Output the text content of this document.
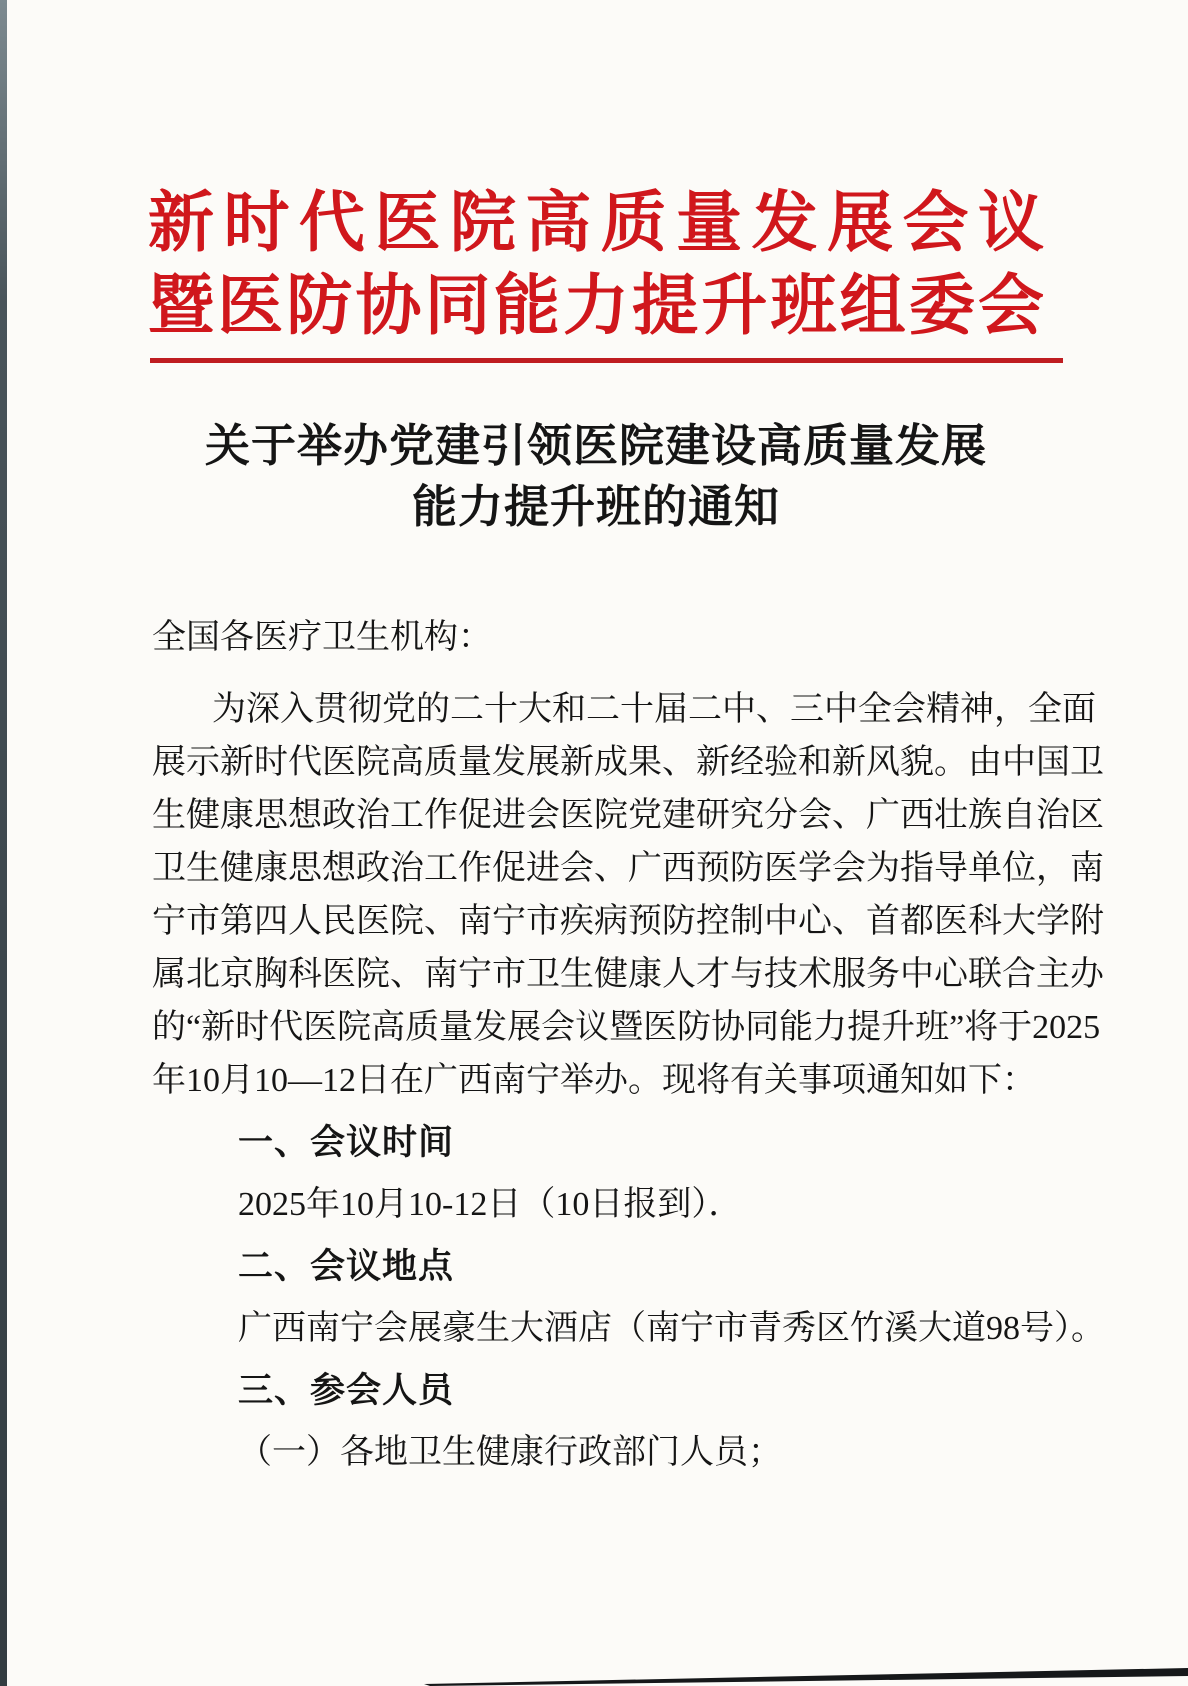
新时代医院高质量发展会议
暨医防协同能力提升班组委会
关于举办党建引领医院建设高质量发展
能力提升班的通知
全国各医疗卫生机构：
为深入贯彻党的二十大和二十届二中、三中全会精神，全面
展示新时代医院高质量发展新成果、新经验和新风貌。由中国卫
生健康思想政治工作促进会医院党建研究分会、广西壮族自治区
卫生健康思想政治工作促进会、广西预防医学会为指导单位，南
宁市第四人民医院、南宁市疾病预防控制中心、首都医科大学附
属北京胸科医院、南宁市卫生健康人才与技术服务中心联合主办
的“新时代医院高质量发展会议暨医防协同能力提升班”将于2025
年10月10—12日在广西南宁举办。现将有关事项通知如下：
一、会议时间
2025年10月10-12日（10日报到）．
二、会议地点
广西南宁会展豪生大酒店（南宁市青秀区竹溪大道98号）。
三、参会人员
（一）各地卫生健康行政部门人员；
